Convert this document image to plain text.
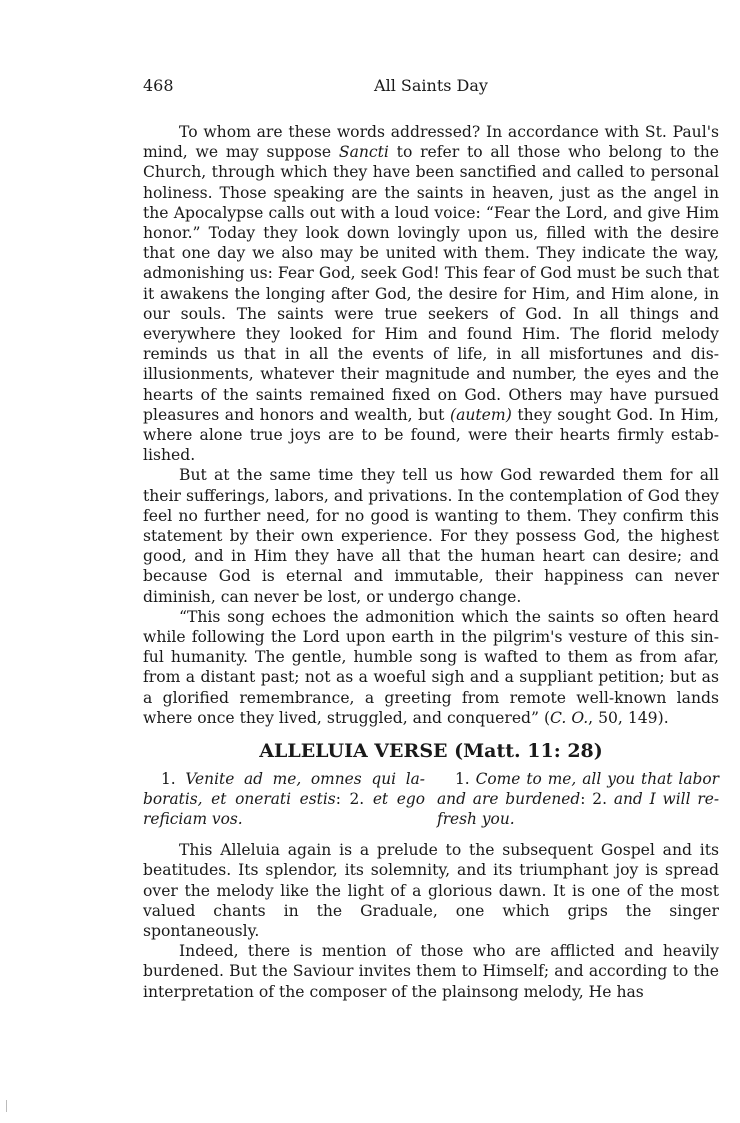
468	All Saints Day

To whom are these words addressed? In accordance with St. Paul's mind, we may suppose Sancti to refer to all those who belong to the Church, through which they have been sanctified and called to personal holiness. Those speaking are the saints in heaven, just as the angel in the Apocalypse calls out with a loud voice: “Fear the Lord, and give Him honor.” Today they look down lovingly upon us, filled with the desire that one day we also may be united with them. They indicate the way, admonishing us: Fear God, seek God! This fear of God must be such that it awakens the longing after God, the desire for Him, and Him alone, in our souls. The saints were true seekers of God. In all things and everywhere they looked for Him and found Him. The florid melody reminds us that in all the events of life, in all misfortunes and disillusionments, whatever their magnitude and number, the eyes and the hearts of the saints remained fixed on God. Others may have pursued pleasures and honors and wealth, but (autem) they sought God. In Him, where alone true joys are to be found, were their hearts firmly established.

But at the same time they tell us how God rewarded them for all their sufferings, labors, and privations. In the contemplation of God they feel no further need, for no good is wanting to them. They confirm this statement by their own experience. For they possess God, the highest good, and in Him they have all that the human heart can desire; and because God is eternal and immutable, their happiness can never diminish, can never be lost, or undergo change.

“This song echoes the admonition which the saints so often heard while following the Lord upon earth in the pilgrim's vesture of this sinful humanity. The gentle, humble song is wafted to them as from afar, from a distant past; not as a woeful sigh and a suppliant petition; but as a glorified remembrance, a greeting from remote well-known lands where once they lived, struggled, and conquered” (C. O., 50, 149).

ALLELUIA VERSE (Matt. 11: 28)

1. Venite ad me, omnes qui laboratis, et onerati estis: 2. et ego reficiam vos.

1. Come to me, all you that labor and are burdened: 2. and I will refresh you.

This Alleluia again is a prelude to the subsequent Gospel and its beatitudes. Its splendor, its solemnity, and its triumphant joy is spread over the melody like the light of a glorious dawn. It is one of the most valued chants in the Graduale, one which grips the singer spontaneously.

Indeed, there is mention of those who are afflicted and heavily burdened. But the Saviour invites them to Himself; and according to the interpretation of the composer of the plainsong melody, He has
